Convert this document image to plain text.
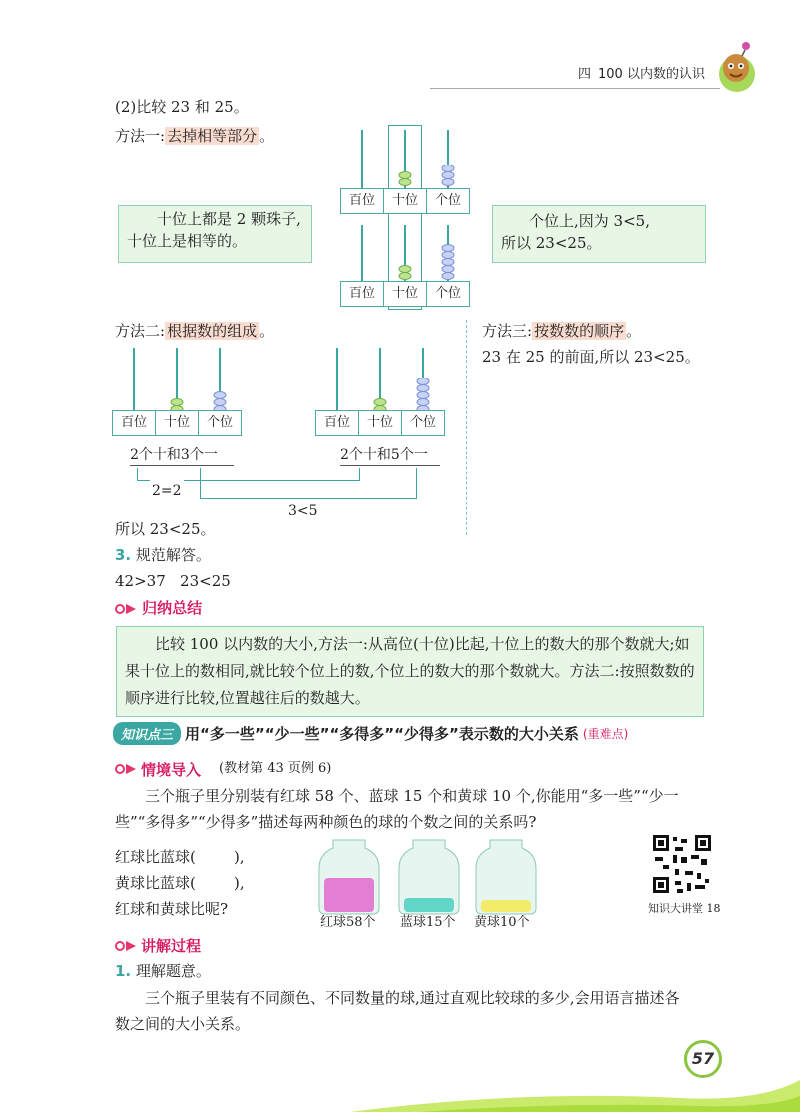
四 100 以内数的认识
(2)比较 23 和 25。
方法一: 去掉相等部分 。
百位	十位	个位
百位	十位	个位
十位上都是 2 颗珠子,十位上是相等的。
个位上,因为 3<5,
所以 23<25。
方法二: 根据数的组成 。
百位	十位	个位	百位	十位	个位
2个十和3个一	2个十和5个一
2=2
3<5
方法三: 按数数的顺序 。
23 在 25 的前面,所以 23<25。
所以 23<25。
3. 规范解答。
42>37   23<25
归纳总结
比较 100 以内数的大小,方法一:从高位(十位)比起,十位上的数大的那个数就大;如果十位上的数相同,就比较个位上的数,个位上的数大的那个数就大。方法二:按照数数的顺序进行比较,位置越往后的数越大。
知识点三 用“多一些”“少一些”“多得多”“少得多”表示数的大小关系 (重难点)
情境导入 (教材第 43 页例 6)
三个瓶子里分别装有红球 58 个、蓝球 15 个和黄球 10 个,你能用“多一些”“少一些”“多得多”“少得多”描述每两种颜色的球的个数之间的关系吗?
红球比蓝球(        ),
黄球比蓝球(        ),
红球和黄球比呢?
红球58个 蓝球15个 黄球10个
知识大讲堂 18
讲解过程
1. 理解题意。
三个瓶子里装有不同颜色、不同数量的球,通过直观比较球的多少,会用语言描述各数之间的大小关系。
57
